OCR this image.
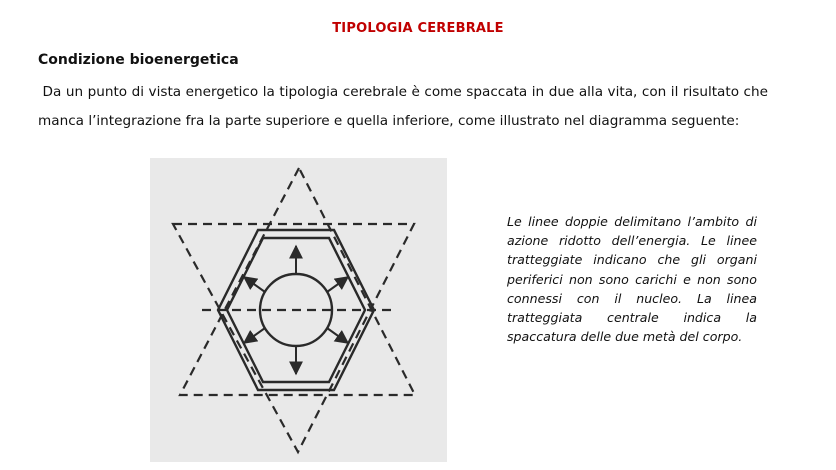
TIPOLOGIA CEREBRALE
Condizione bioenergetica
Da un punto di vista energetico la tipologia cerebrale è come spaccata in due alla vita, con il risultato che manca l’integrazione fra la parte superiore e quella inferiore, come illustrato nel diagramma seguente:
Le linee doppie delimitano l’ambito di azione ridotto dell’energia. Le linee tratteggiate indicano che gli organi periferici non sono carichi e non sono connessi con il nucleo. La linea tratteggiata centrale indica la spaccatura delle due metà del corpo.
